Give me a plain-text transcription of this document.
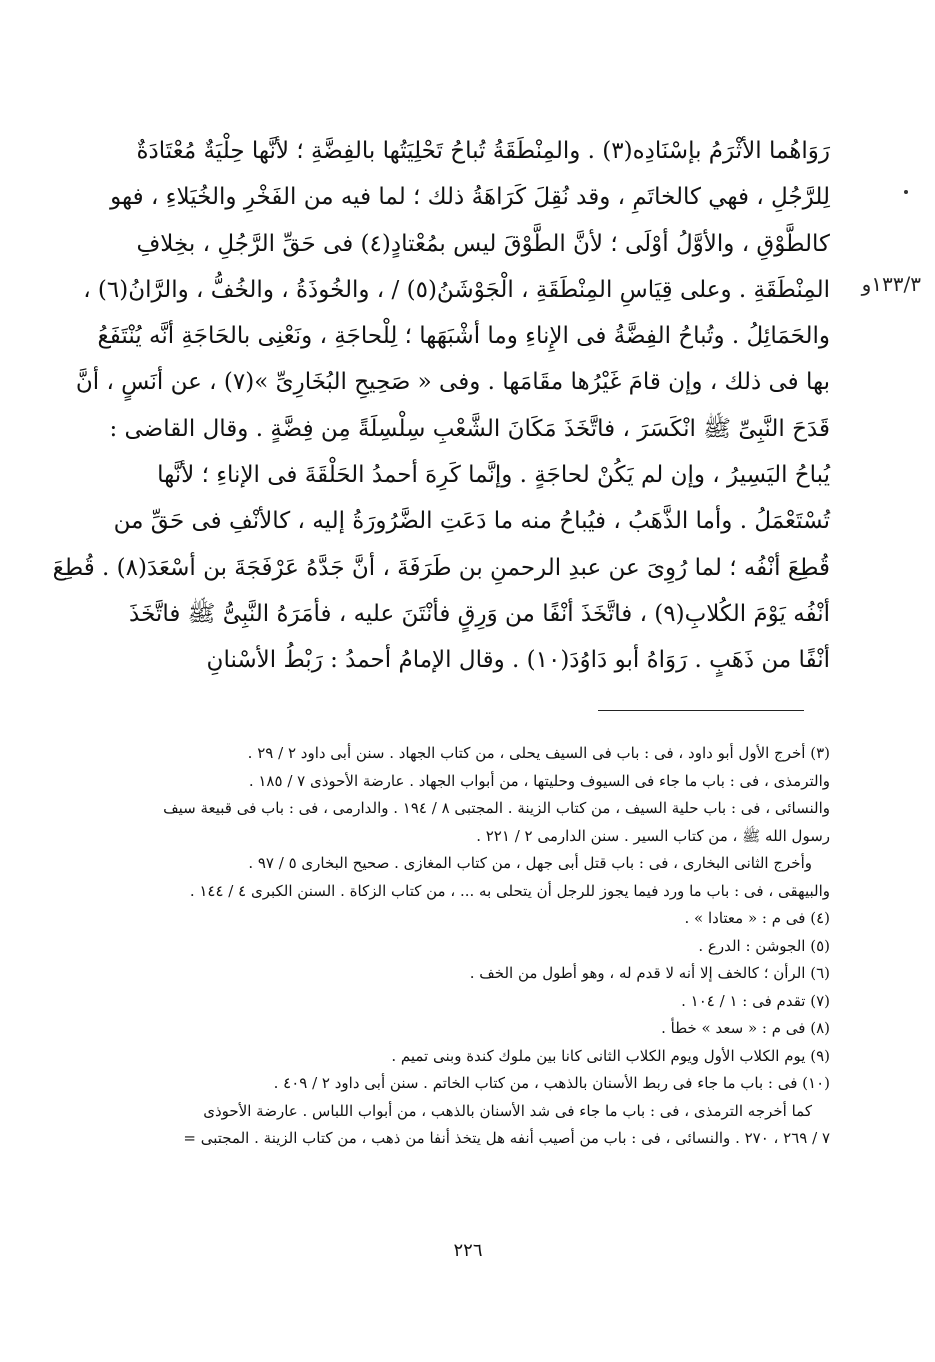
١٣٣/٣و
رَوَاهُما الأثْرَمُ بإسْنَادِه(٣) . والمِنْطَقَةُ تُباحُ تَحْلِيَتُها بالفِضَّةِ ؛ لأنَّها حِلْيَةٌ مُعْتَادَةٌ
لِلرَّجُلِ ، فهي كالخاتَمِ ، وقد نُقِلَ كَرَاهَةُ ذلك ؛ لما فيه من الفَخْرِ والخُيَلاءِ ، فهو
كالطَّوْقِ ، والأوَّلُ أوْلَى ؛ لأنَّ الطَّوْقَ ليس بمُعْتادٍ(٤) فى حَقِّ الرَّجُلِ ، بخِلافِ
المِنْطَقَةِ . وعلى قِيَاسِ المِنْطَقَةِ ، الْجَوْشَنُ(٥) / ، والخُوذَةُ ، والخُفُّ ، والرَّانُ(٦) ،
والحَمَائِلُ . وتُباحُ الفِضَّةُ فى الإِناءِ وما أشْبَهَها ؛ لِلْحاجَةِ ، ونَعْنِى بالحَاجَةِ أنَّه يُنْتَفَعُ
بها فى ذلك ، وإن قامَ غَيْرُها مقَامَها . وفى « صَحِيحِ البُخَارِىِّ »(٧) ، عن أنَسٍ ، أنَّ
قَدَحَ النَّبِىِّ ﷺ انْكَسَرَ ، فاتَّخَذَ مَكَانَ الشَّعْبِ سِلْسِلَةً مِن فِضَّةٍ . وقال القاضى :
يُباحُ اليَسِيرُ ، وإن لم يَكُنْ لحاجَةٍ . وإنَّما كَرِهَ أحمدُ الحَلْقَةَ فى الإناءِ ؛ لأنَّها
تُسْتَعْمَلُ . وأما الذَّهَبُ ، فيُباحُ منه ما دَعَتِ الضَّرُورَةُ إليه ، كالأنْفِ فى حَقِّ من
قُطِعَ أنْفُه ؛ لما رُوِىَ عن عبدِ الرحمنِ بن طَرَفَةَ ، أنَّ جَدَّهُ عَرْفَجَةَ بن أسْعَدَ(٨) . قُطِعَ
أنْفُه يَوْمَ الكُلابِ(٩) ، فاتَّخَذَ أنْفًا من وَرِقٍ فأنْتَنَ عليه ، فأمَرَهُ النَّبِىُّ ﷺ فاتَّخَذَ
أنْفًا من ذَهَبٍ . رَوَاهُ أبو دَاوُدَ(١٠) . وقال الإمامُ أحمدُ : رَبْطُ الأسْنانِ
(٣) أخرج الأول أبو داود ، فى : باب فى السيف يحلى ، من كتاب الجهاد . سنن أبى داود ٢ / ٢٩ .
والترمذى ، فى : باب ما جاء فى السيوف وحليتها ، من أبواب الجهاد . عارضة الأحوذى ٧ / ١٨٥ .
والنسائى ، فى : باب حلية السيف ، من كتاب الزينة . المجتبى ٨ / ١٩٤ . والدارمى ، فى : باب فى قبيعة سيف
رسول الله ﷺ ، من كتاب السير . سنن الدارمى ٢ / ٢٢١ .
وأخرج الثانى البخارى ، فى : باب قتل أبى جهل ، من كتاب المغازى . صحيح البخارى ٥ / ٩٧ .
والبيهقى ، فى : باب ما ورد فيما يجوز للرجل أن يتحلى به ... ، من كتاب الزكاة . السنن الكبرى ٤ / ١٤٤ .
(٤) فى م : « معتادا » .
(٥) الجوشن : الدرع .
(٦) الرأن ؛ كالخف إلا أنه لا قدم له ، وهو أطول من الخف .
(٧) تقدم فى : ١ / ١٠٤ .
(٨) فى م : « سعد » خطأ .
(٩) يوم الكلاب الأول ويوم الكلاب الثانى كانا بين ملوك كندة وبنى تميم .
(١٠) فى : باب ما جاء فى ربط الأسنان بالذهب ، من كتاب الخاتم . سنن أبى داود ٢ / ٤٠٩ .
كما أخرجه الترمذى ، فى : باب ما جاء فى شد الأسنان بالذهب ، من أبواب اللباس . عارضة الأحوذى
٧ / ٢٦٩ ، ٢٧٠ . والنسائى ، فى : باب من أصيب أنفه هل يتخذ أنفا من ذهب ، من كتاب الزينة . المجتبى =
٢٢٦
